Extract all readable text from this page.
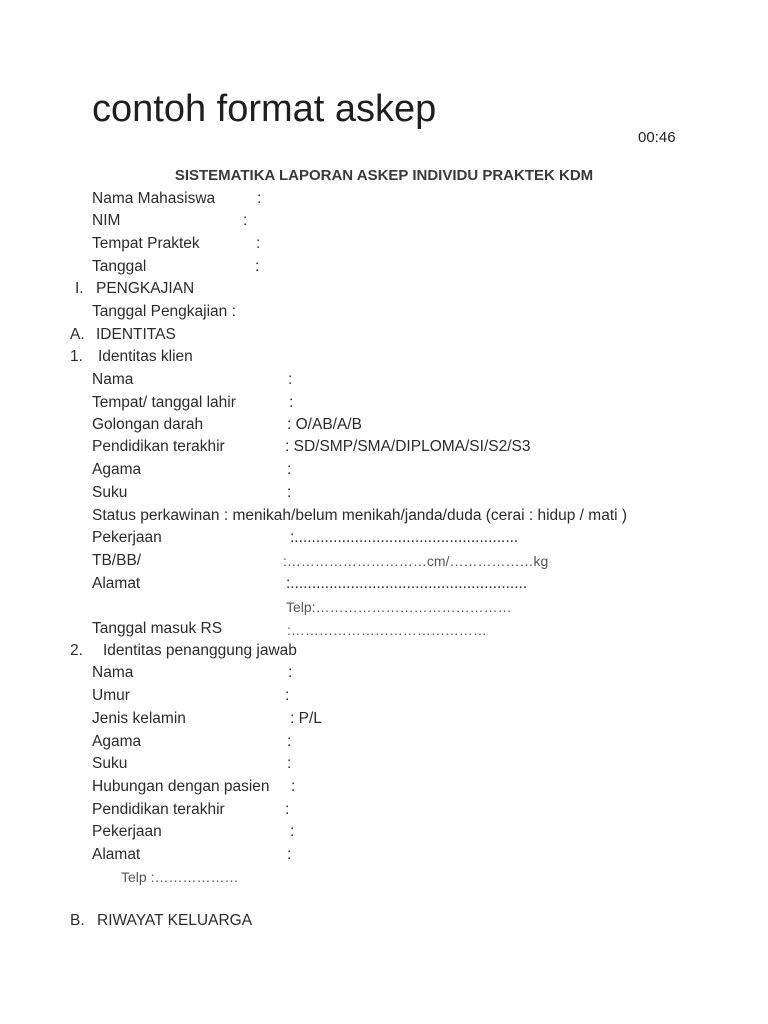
contoh format askep
00:46
SISTEMATIKA LAPORAN ASKEP INDIVIDU PRAKTEK KDM
Nama Mahasiswa	:
NIM	:
Tempat Praktek	:
Tanggal	:
I. PENGKAJIAN
Tanggal Pengkajian :
A. IDENTITAS
1. Identitas klien
Nama	:
Tempat/ tanggal lahir	:
Golongan darah	: O/AB/A/B
Pendidikan terakhir	: SD/SMP/SMA/DIPLOMA/SI/S2/S3
Agama	:
Suku	:
Status perkawinan : menikah/belum menikah/janda/duda (cerai : hidup / mati )
Pekerjaan	:....................................................
TB/BB/	:…………………………cm/………………kg
Alamat	:.......................................................
Telp:……………………………………
Tanggal masuk RS	:……………………………………
2. Identitas penanggung jawab
Nama	:
Umur	:
Jenis kelamin	: P/L
Agama	:
Suku	:
Hubungan dengan pasien :
Pendidikan terakhir	:
Pekerjaan	:
Alamat	:
Telp :………………
B. RIWAYAT KELUARGA
